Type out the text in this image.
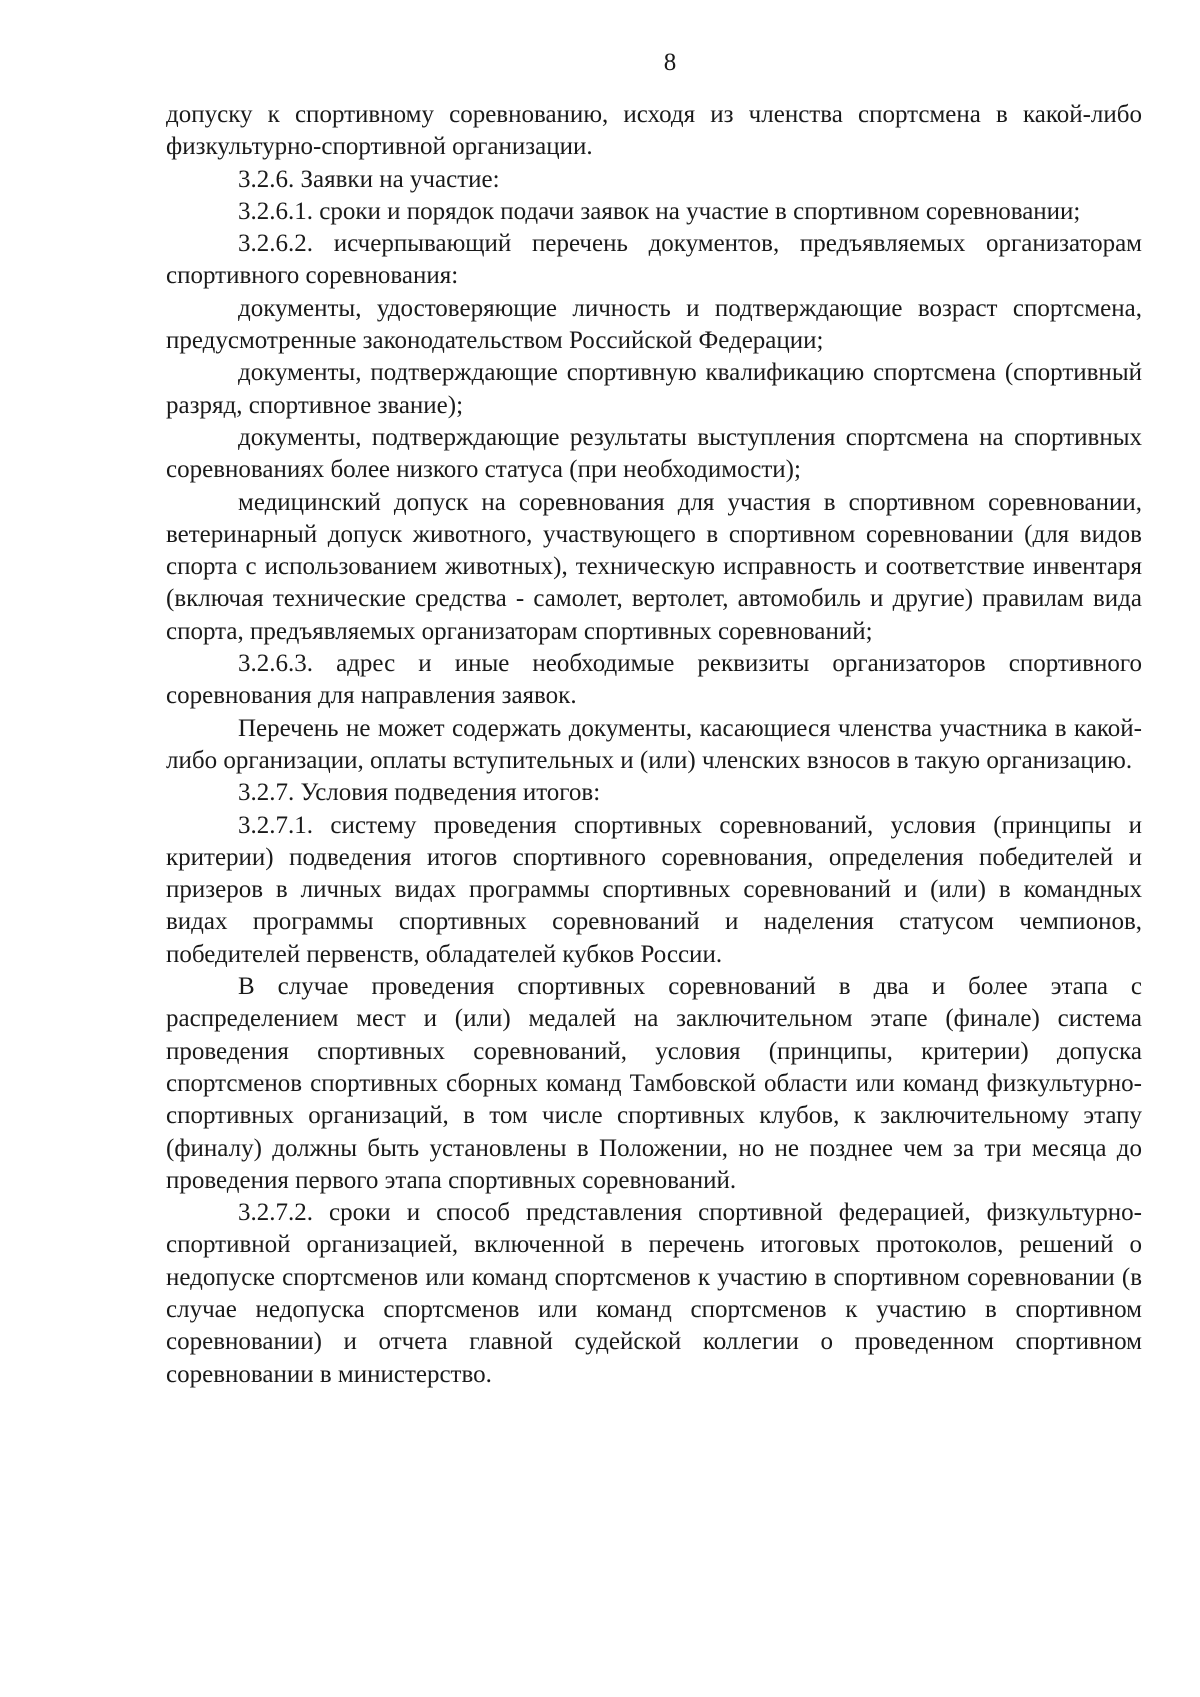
8

допуску к спортивному соревнованию, исходя из членства спортсмена в какой-либо физкультурно-спортивной организации.

3.2.6. Заявки на участие:

3.2.6.1. сроки и порядок подачи заявок на участие в спортивном соревновании;

3.2.6.2. исчерпывающий перечень документов, предъявляемых организаторам спортивного соревнования:

документы, удостоверяющие личность и подтверждающие возраст спортсмена, предусмотренные законодательством Российской Федерации;

документы, подтверждающие спортивную квалификацию спортсмена (спортивный разряд, спортивное звание);

документы, подтверждающие результаты выступления спортсмена на спортивных соревнованиях более низкого статуса (при необходимости);

медицинский допуск на соревнования для участия в спортивном соревновании, ветеринарный допуск животного, участвующего в спортивном соревновании (для видов спорта с использованием животных), техническую исправность и соответствие инвентаря (включая технические средства - самолет, вертолет, автомобиль и другие) правилам вида спорта, предъявляемых организаторам спортивных соревнований;

3.2.6.3. адрес и иные необходимые реквизиты организаторов спортивного соревнования для направления заявок.

Перечень не может содержать документы, касающиеся членства участника в какой-либо организации, оплаты вступительных и (или) членских взносов в такую организацию.

3.2.7. Условия подведения итогов:

3.2.7.1. систему проведения спортивных соревнований, условия (принципы и критерии) подведения итогов спортивного соревнования, определения победителей и призеров в личных видах программы спортивных соревнований и (или) в командных видах программы спортивных соревнований и наделения статусом чемпионов, победителей первенств, обладателей кубков России.

В случае проведения спортивных соревнований в два и более этапа с распределением мест и (или) медалей на заключительном этапе (финале) система проведения спортивных соревнований, условия (принципы, критерии) допуска спортсменов спортивных сборных команд Тамбовской области или команд физкультурно-спортивных организаций, в том числе спортивных клубов, к заключительному этапу (финалу) должны быть установлены в Положении, но не позднее чем за три месяца до проведения первого этапа спортивных соревнований.

3.2.7.2. сроки и способ представления спортивной федерацией, физкультурно-спортивной организацией, включенной в перечень итоговых протоколов, решений о недопуске спортсменов или команд спортсменов к участию в спортивном соревновании (в случае недопуска спортсменов или команд спортсменов к участию в спортивном соревновании) и отчета главной судейской коллегии о проведенном спортивном соревновании в министерство.
